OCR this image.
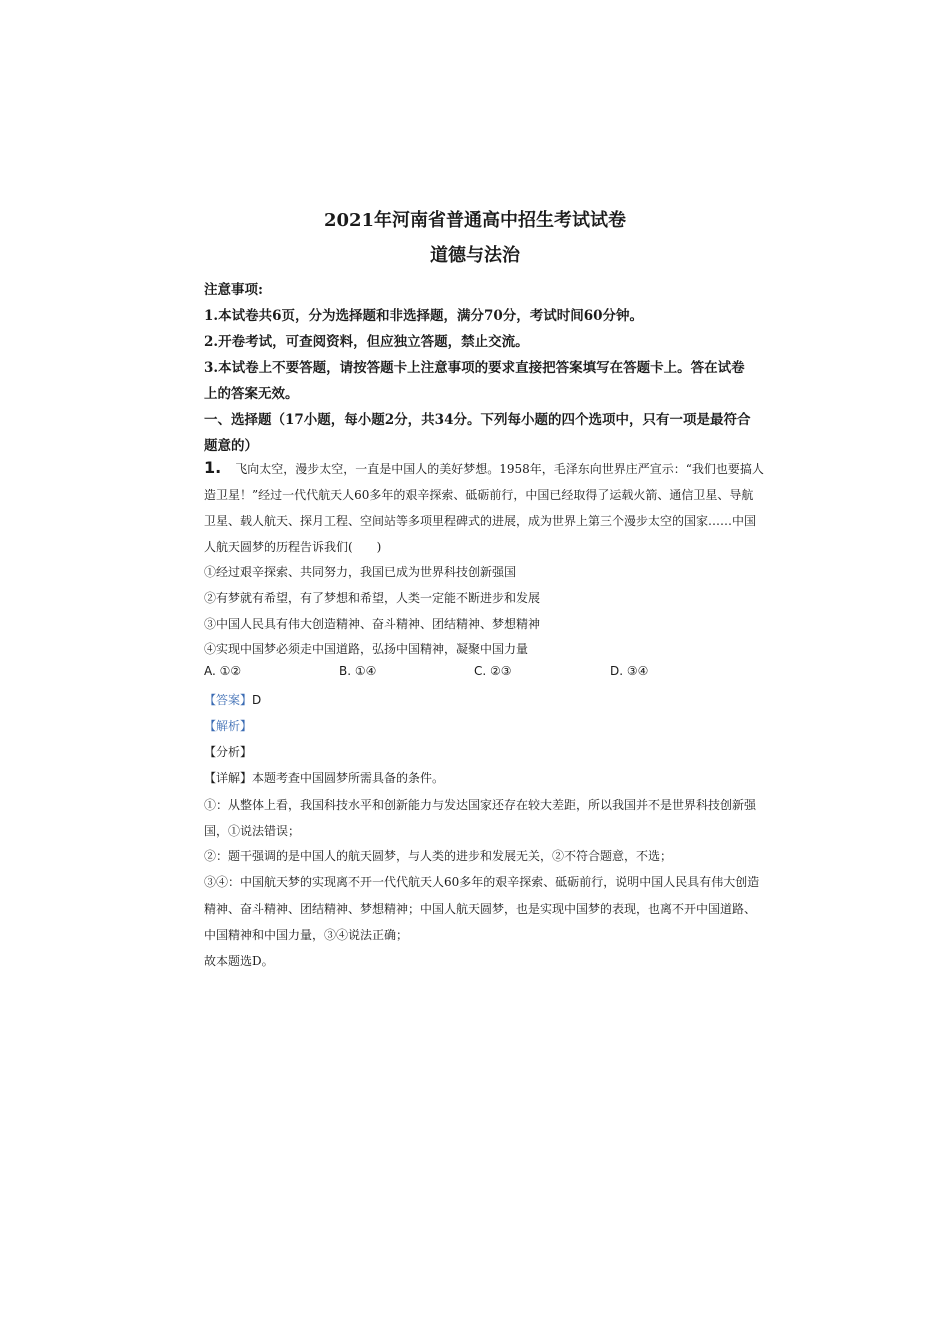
2021年河南省普通高中招生考试试卷
道德与法治
注意事项:
1.本试卷共6页，分为选择题和非选择题，满分70分，考试时间60分钟。
2.开卷考试，可查阅资料，但应独立答题，禁止交流。
3.本试卷上不要答题，请按答题卡上注意事项的要求直接把答案填写在答题卡上。答在试卷
上的答案无效。
一、选择题（17小题，每小题2分，共34分。下列每小题的四个选项中，只有一项是最符合
题意的）
1. 飞向太空，漫步太空，一直是中国人的美好梦想。1958年，毛泽东向世界庄严宣示：“我们也要搞人
造卫星！”经过一代代航天人60多年的艰辛探索、砥砺前行，中国已经取得了运载火箭、通信卫星、导航
卫星、载人航天、探月工程、空间站等多项里程碑式的进展，成为世界上第三个漫步太空的国家……中国
人航天圆梦的历程告诉我们(　　)
①经过艰辛探索、共同努力，我国已成为世界科技创新强国
②有梦就有希望，有了梦想和希望，人类一定能不断进步和发展
③中国人民具有伟大创造精神、奋斗精神、团结精神、梦想精神
④实现中国梦必须走中国道路，弘扬中国精神，凝聚中国力量
A. ①②	B. ①④	C. ②③	D. ③④
【答案】D
【解析】
【分析】
【详解】本题考查中国圆梦所需具备的条件。
①：从整体上看，我国科技水平和创新能力与发达国家还存在较大差距，所以我国并不是世界科技创新强
国，①说法错误；
②：题干强调的是中国人的航天圆梦，与人类的进步和发展无关，②不符合题意，不选；
③④：中国航天梦的实现离不开一代代航天人60多年的艰辛探索、砥砺前行，说明中国人民具有伟大创造
精神、奋斗精神、团结精神、梦想精神；中国人航天圆梦，也是实现中国梦的表现，也离不开中国道路、
中国精神和中国力量，③④说法正确；
故本题选D。
